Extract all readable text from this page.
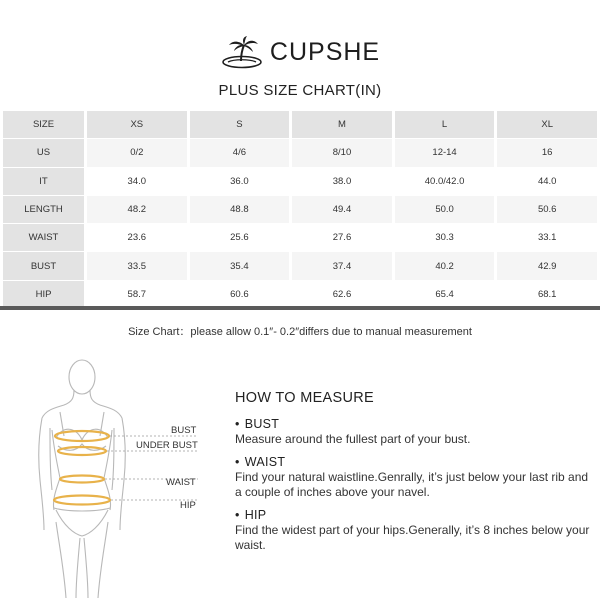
CUPSHE
PLUS SIZE CHART(IN)
SIZE	XS	S	M	L	XL
US	0/2	4/6	8/10	12-14	16
IT	34.0	36.0	38.0	40.0/42.0	44.0
LENGTH	48.2	48.8	49.4	50.0	50.6
WAIST	23.6	25.6	27.6	30.3	33.1
BUST	33.5	35.4	37.4	40.2	42.9
HIP	58.7	60.6	62.6	65.4	68.1
Size Chart：please allow 0.1″- 0.2″differs due to manual measurement
BUST
UNDER BUST
WAIST
HIP
HOW TO MEASURE
• BUST
Measure around the fullest part of your bust.
• WAIST
Find your natural waistline.Genrally, it’s just below your last rib and a couple of inches above your navel.
• HIP
Find the widest part of your hips.Generally, it’s 8 inches below your waist.
